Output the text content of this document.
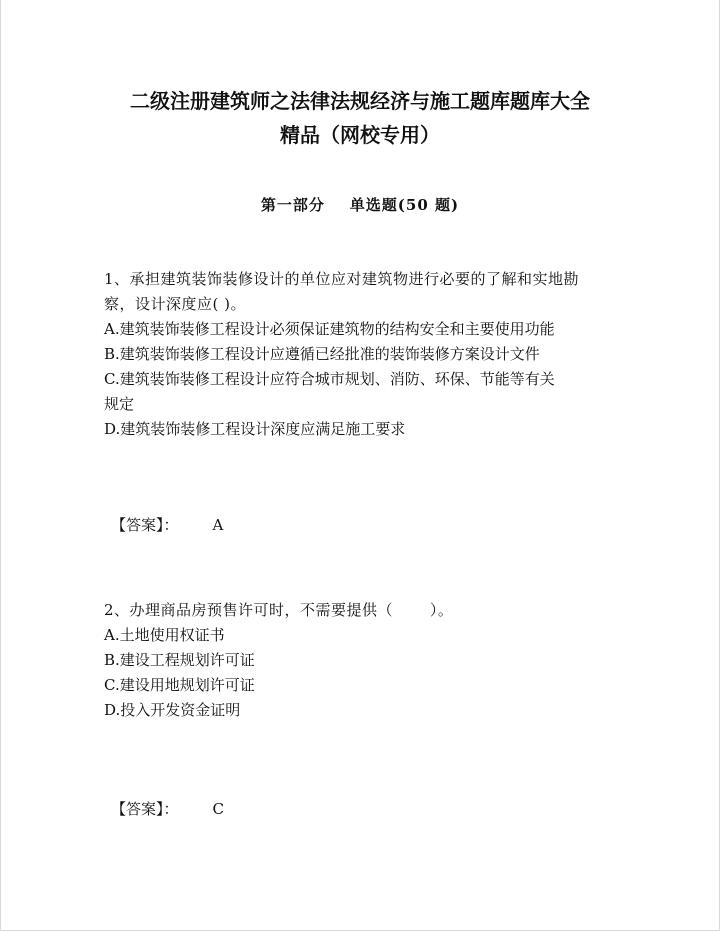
二级注册建筑师之法律法规经济与施工题库题库大全
精品（网校专用）
第一部分    单选题(50 题)

1、承担建筑装饰装修设计的单位应对建筑物进行必要的了解和实地勘

察，设计深度应( )。

A.建筑装饰装修工程设计必须保证建筑物的结构安全和主要使用功能

B.建筑装饰装修工程设计应遵循已经批准的装饰装修方案设计文件

C.建筑装饰装修工程设计应符合城市规划、消防、环保、节能等有关

规定

D.建筑装饰装修工程设计深度应满足施工要求

【答案】： A

2、办理商品房预售许可时，不需要提供（       ）。

A.土地使用权证书

B.建设工程规划许可证

C.建设用地规划许可证

D.投入开发资金证明

【答案】： C
